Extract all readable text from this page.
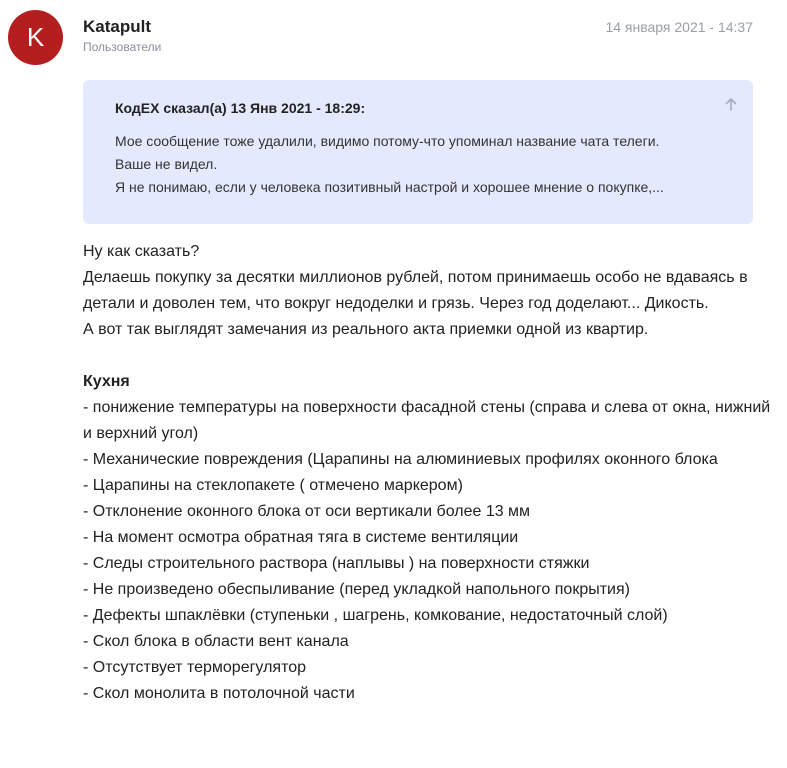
K Katapult
Пользователи
14 января 2021 - 14:37
КодEX сказал(а) 13 Янв 2021 - 18:29:
Мое сообщение тоже удалили, видимо потому-что упоминал название чата телеги.
Ваше не видел.
Я не понимаю, если у человека позитивный настрой и хорошее мнение о покупке,...

Ну как сказать?

Делаешь покупку за десятки миллионов рублей, потом принимаешь особо не вдаваясь в детали и доволен тем, что вокруг недоделки и грязь. Через год доделают... Дикость.

А вот так выглядят замечания из реального акта приемки одной из квартир.

Кухня

- понижение температуры на поверхности фасадной стены (справа и слева от окна, нижний и верхний угол)

- Механические повреждения (Царапины на алюминиевых профилях оконного блока

- Царапины на стеклопакете ( отмечено маркером)

- Отклонение оконного блока от оси вертикали более 13 мм

- На момент осмотра обратная тяга в системе вентиляции

- Следы строительного раствора (наплывы ) на поверхности стяжки

- Не произведено обеспыливание (перед укладкой напольного покрытия)

- Дефекты шпаклёвки (ступеньки , шагрень, комкование, недостаточный слой)

- Скол блока в области вент канала

- Отсутствует терморегулятор

- Скол монолита в потолочной части
